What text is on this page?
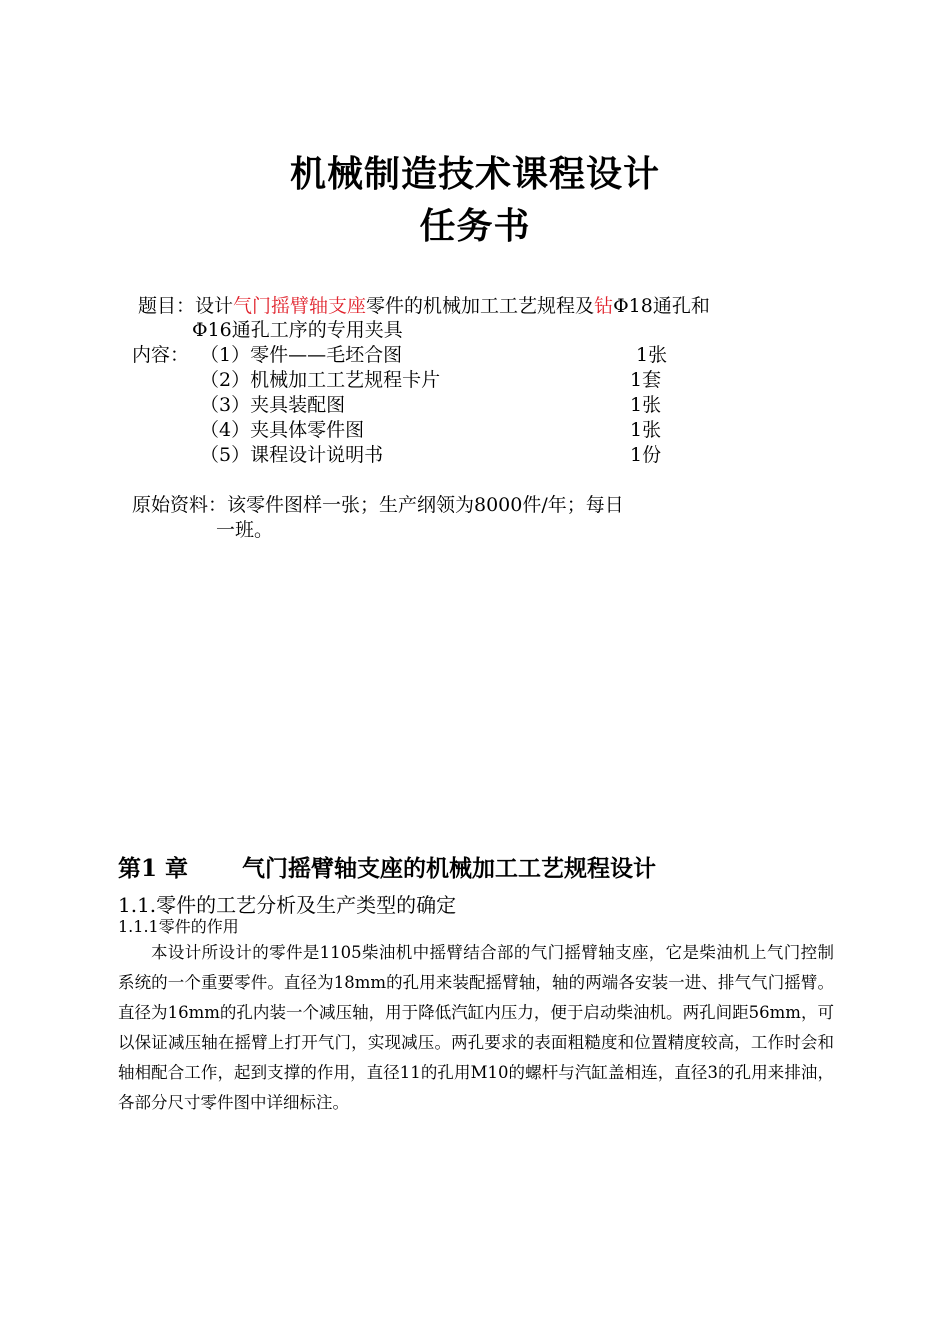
机械制造技术课程设计
任务书
题目：设计气门摇臂轴支座零件的机械加工工艺规程及钻Φ18通孔和
Φ16通孔工序的专用夹具
内容： （1）零件——毛坯合图	1张
（2）机械加工工艺规程卡片	1套
（3）夹具装配图	1张
（4）夹具体零件图	1张
（5）课程设计说明书	1份
原始资料：该零件图样一张；生产纲领为8000件/年；每日
一班。
第1 章 气门摇臂轴支座的机械加工工艺规程设计
1.1.零件的工艺分析及生产类型的确定
1.1.1零件的作用

本设计所设计的零件是1105柴油机中摇臂结合部的气门摇臂轴支座，它是柴油机上气门控制系统的一个重要零件。直径为18mm的孔用来装配摇臂轴，轴的两端各安装一进、排气气门摇臂。直径为16mm的孔内装一个减压轴，用于降低汽缸内压力，便于启动柴油机。两孔间距56mm，可以保证减压轴在摇臂上打开气门，实现减压。两孔要求的表面粗糙度和位置精度较高，工作时会和轴相配合工作，起到支撑的作用，直径11的孔用M10的螺杆与汽缸盖相连，直径3的孔用来排油，各部分尺寸零件图中详细标注。
